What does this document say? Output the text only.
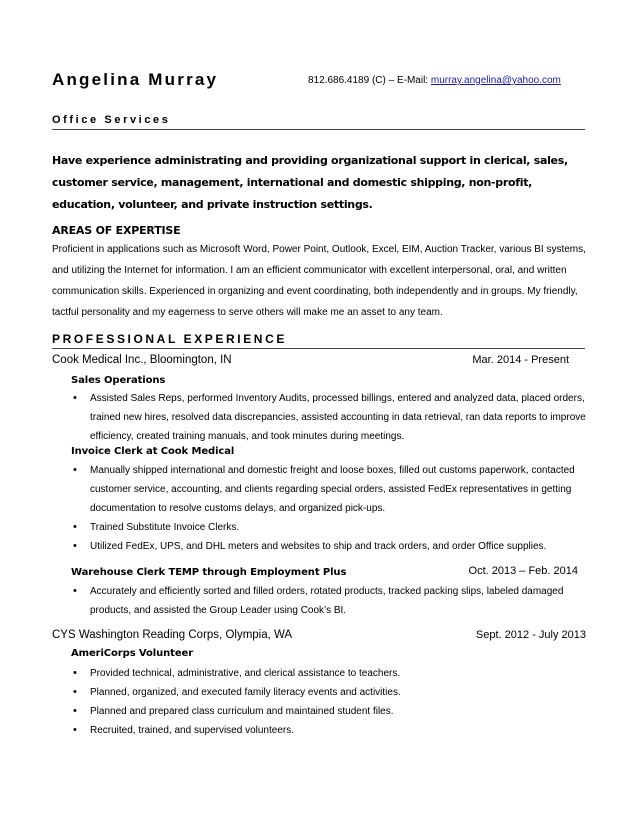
Angelina Murray	812.686.4189 (C) – E-Mail: murray.angelina@yahoo.com
Office Services
Have experience administrating and providing organizational support in clerical, sales, customer service, management, international and domestic shipping, non-profit, education, volunteer, and private instruction settings.
AREAS OF EXPERTISE
Proficient in applications such as Microsoft Word, Power Point, Outlook, Excel, EIM, Auction Tracker, various BI systems, and utilizing the Internet for information. I am an efficient communicator with excellent interpersonal, oral, and written communication skills. Experienced in organizing and event coordinating, both independently and in groups. My friendly, tactful personality and my eagerness to serve others will make me an asset to any team.
PROFESSIONAL EXPERIENCE
Cook Medical Inc., Bloomington, IN	Mar. 2014 - Present
Sales Operations
• Assisted Sales Reps, performed Inventory Audits, processed billings, entered and analyzed data, placed orders, trained new hires, resolved data discrepancies, assisted accounting in data retrieval, ran data reports to improve efficiency, created training manuals, and took minutes during meetings.
Invoice Clerk at Cook Medical
• Manually shipped international and domestic freight and loose boxes, filled out customs paperwork, contacted customer service, accounting, and clients regarding special orders, assisted FedEx representatives in getting documentation to resolve customs delays, and organized pick-ups.
• Trained Substitute Invoice Clerks.
• Utilized FedEx, UPS, and DHL meters and websites to ship and track orders, and order Office supplies.
Warehouse Clerk TEMP through Employment Plus	Oct. 2013 – Feb. 2014
• Accurately and efficiently sorted and filled orders, rotated products, tracked packing slips, labeled damaged products, and assisted the Group Leader using Cook’s BI.
CYS Washington Reading Corps, Olympia, WA	Sept. 2012 - July 2013
AmeriCorps Volunteer
• Provided technical, administrative, and clerical assistance to teachers.
• Planned, organized, and executed family literacy events and activities.
• Planned and prepared class curriculum and maintained student files.
• Recruited, trained, and supervised volunteers.
